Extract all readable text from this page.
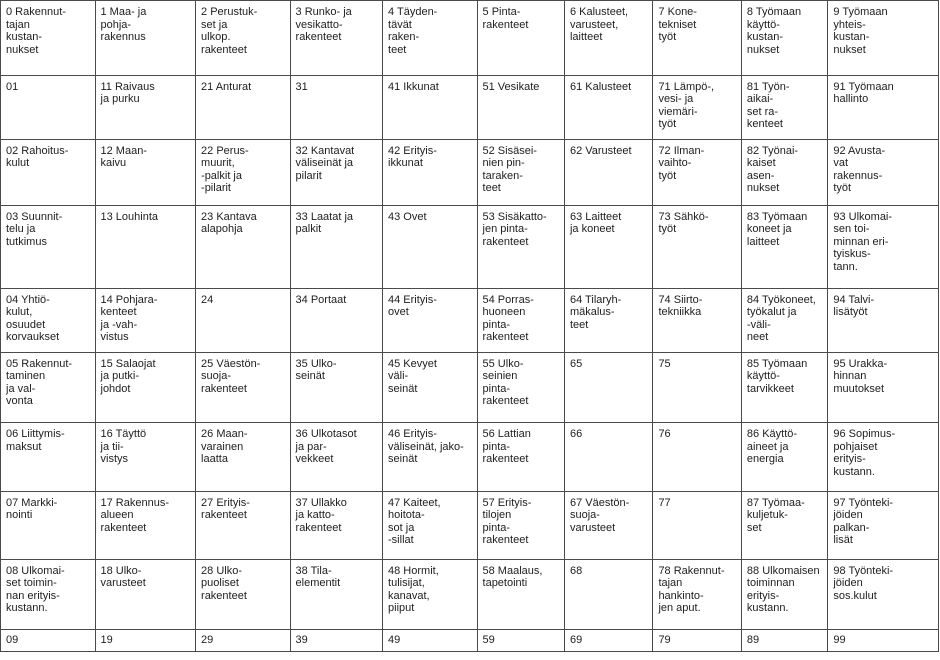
0 Rakennut-
tajan
kustan-
nukset	1 Maa- ja
pohja-
rakennus	2 Perustuk-
set ja
ulkop.
rakenteet	3 Runko- ja
vesikatto-
rakenteet	4 Täyden-
tävät
raken-
teet	5 Pinta-
rakenteet	6 Kalusteet,
varusteet,
laitteet	7 Kone-
tekniset
työt	8 Työmaan
käyttö-
kustan-
nukset	9 Työmaan
yhteis-
kustan-
nukset
01	11 Raivaus
ja purku	21 Anturat	31	41 Ikkunat	51 Vesikate	61 Kalusteet	71 Lämpö-,
vesi- ja
viemäri-
työt	81 Työn-
aikai-
set ra-
kenteet	91 Työmaan
hallinto
02 Rahoitus-
kulut	12 Maan-
kaivu	22 Perus-
muurit,
-palkit ja
-pilarit	32 Kantavat
väliseinät ja
pilarit	42 Erityis-
ikkunat	52 Sisäsei-
nien pin-
taraken-
teet	62 Varusteet	72 Ilman-
vaihto-
työt	82 Työnai-
kaiset
asen-
nukset	92 Avusta-
vat
rakennus-
työt
03 Suunnit-
telu ja
tutkimus	13 Louhinta	23 Kantava
alapohja	33 Laatat ja
palkit	43 Ovet	53 Sisäkatto-
jen pinta-
rakenteet	63 Laitteet
ja koneet	73 Sähkö-
työt	83 Työmaan
koneet ja
laitteet	93 Ulkomai-
sen toi-
minnan eri-
tyiskus-
tann.
04 Yhtiö-
kulut,
osuudet
korvaukset	14 Pohjara-
kenteet
ja -vah-
vistus	24	34 Portaat	44 Erityis-
ovet	54 Porras-
huoneen
pinta-
rakenteet	64 Tilaryh-
mäkalus-
teet	74 Siirto-
tekniikka	84 Työkoneet,
työkalut ja
-väli-
neet	94 Talvi-
lisätyöt
05 Rakennut-
taminen
ja val-
vonta	15 Salaojat
ja putki-
johdot	25 Väestön-
suoja-
rakenteet	35 Ulko-
seinät	45 Kevyet
väli-
seinät	55 Ulko-
seinien
pinta-
rakenteet	65	75	85 Työmaan
käyttö-
tarvikkeet	95 Urakka-
hinnan
muutokset
06 Liittymis-
maksut	16 Täyttö
ja tii-
vistys	26 Maan-
varainen
laatta	36 Ulkotasot
ja par-
vekkeet	46 Erityis-
väliseinät, jako-
seinät	56 Lattian
pinta-
rakenteet	66	76	86 Käyttö-
aineet ja
energia	96 Sopimus-
pohjaiset
erityis-
kustann.
07 Markki-
nointi	17 Rakennus-
alueen
rakenteet	27 Erityis-
rakenteet	37 Ullakko
ja katto-
rakenteet	47 Kaiteet,
hoitota-
sot ja
-sillat	57 Erityis-
tilojen
pinta-
rakenteet	67 Väestön-
suoja-
varusteet	77	87 Työmaa-
kuljetuk-
set	97 Työnteki-
jöiden
palkan-
lisät
08 Ulkomai-
set toimin-
nan erityis-
kustann.	18 Ulko-
varusteet	28 Ulko-
puoliset
rakenteet	38 Tila-
elementit	48 Hormit,
tulisijat,
kanavat,
piiput	58 Maalaus,
tapetointi	68	78 Rakennut-
tajan
hankinto-
jen aput.	88 Ulkomaisen
toiminnan
erityis-
kustann.	98 Työnteki-
jöiden
sos.kulut
09	19	29	39	49	59	69	79	89	99
